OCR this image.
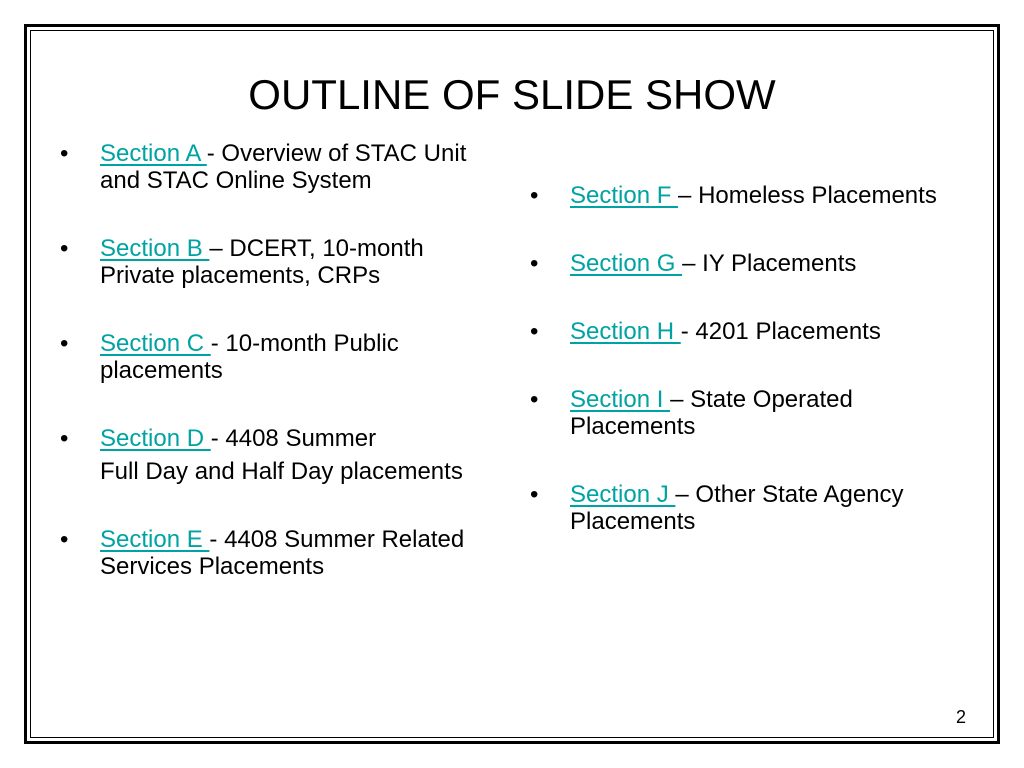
OUTLINE OF SLIDE SHOW
• Section A - Overview of STAC Unit and STAC Online System
• Section B – DCERT, 10-month Private placements, CRPs
• Section C - 10-month Public placements
• Section D - 4408 Summer
Full Day and Half Day placements
• Section E - 4408 Summer Related Services Placements
• Section F – Homeless Placements
• Section G – IY Placements
• Section H - 4201 Placements
• Section I – State Operated Placements
• Section J – Other State Agency Placements
2
